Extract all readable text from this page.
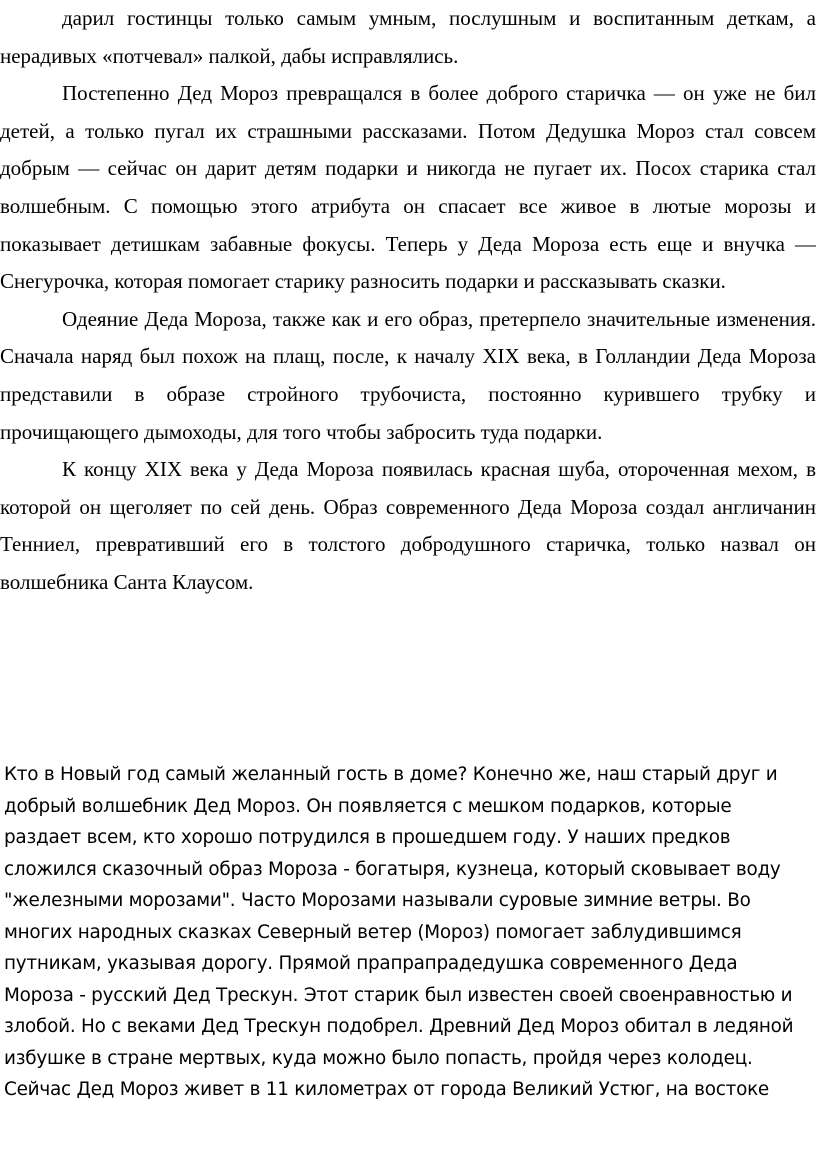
дарил гостинцы только самым умным, послушным и воспитанным деткам, а нерадивых «потчевал» палкой, дабы исправлялись.

Постепенно Дед Мороз превращался в более доброго старичка — он уже не бил детей, а только пугал их страшными рассказами. Потом Дедушка Мороз стал совсем добрым — сейчас он дарит детям подарки и никогда не пугает их. Посох старика стал волшебным. С помощью этого атрибута он спасает все живое в лютые морозы и показывает детишкам забавные фокусы. Теперь у Деда Мороза есть еще и внучка — Снегурочка, которая помогает старику разносить подарки и рассказывать сказки.

Одеяние Деда Мороза, также как и его образ, претерпело значительные изменения. Сначала наряд был похож на плащ, после, к началу XIX века, в Голландии Деда Мороза представили в образе стройного трубочиста, постоянно курившего трубку и прочищающего дымоходы, для того чтобы забросить туда подарки.

К концу XIX века у Деда Мороза появилась красная шуба, отороченная мехом, в которой он щеголяет по сей день. Образ современного Деда Мороза создал англичанин Тенниел, превративший его в толстого добродушного старичка, только назвал он волшебника Санта Клаусом.

Кто в Новый год самый желанный гость в доме? Конечно же, наш старый друг и добрый волшебник Дед Мороз. Он появляется с мешком подарков, которые раздает всем, кто хорошо потрудился в прошедшем году. У наших предков сложился сказочный образ Мороза - богатыря, кузнеца, который сковывает воду "железными морозами". Часто Морозами называли суровые зимние ветры. Во многих народных сказках Северный ветер (Мороз) помогает заблудившимся путникам, указывая дорогу. Прямой прапрапрадедушка современного Деда Мороза - русский Дед Трескун. Этот старик был известен своей своенравностью и злобой. Но с веками Дед Трескун подобрел. Древний Дед Мороз обитал в ледяной избушке в стране мертвых, куда можно было попасть, пройдя через колодец. Сейчас Дед Мороз живет в 11 километрах от города Великий Устюг, на востоке
